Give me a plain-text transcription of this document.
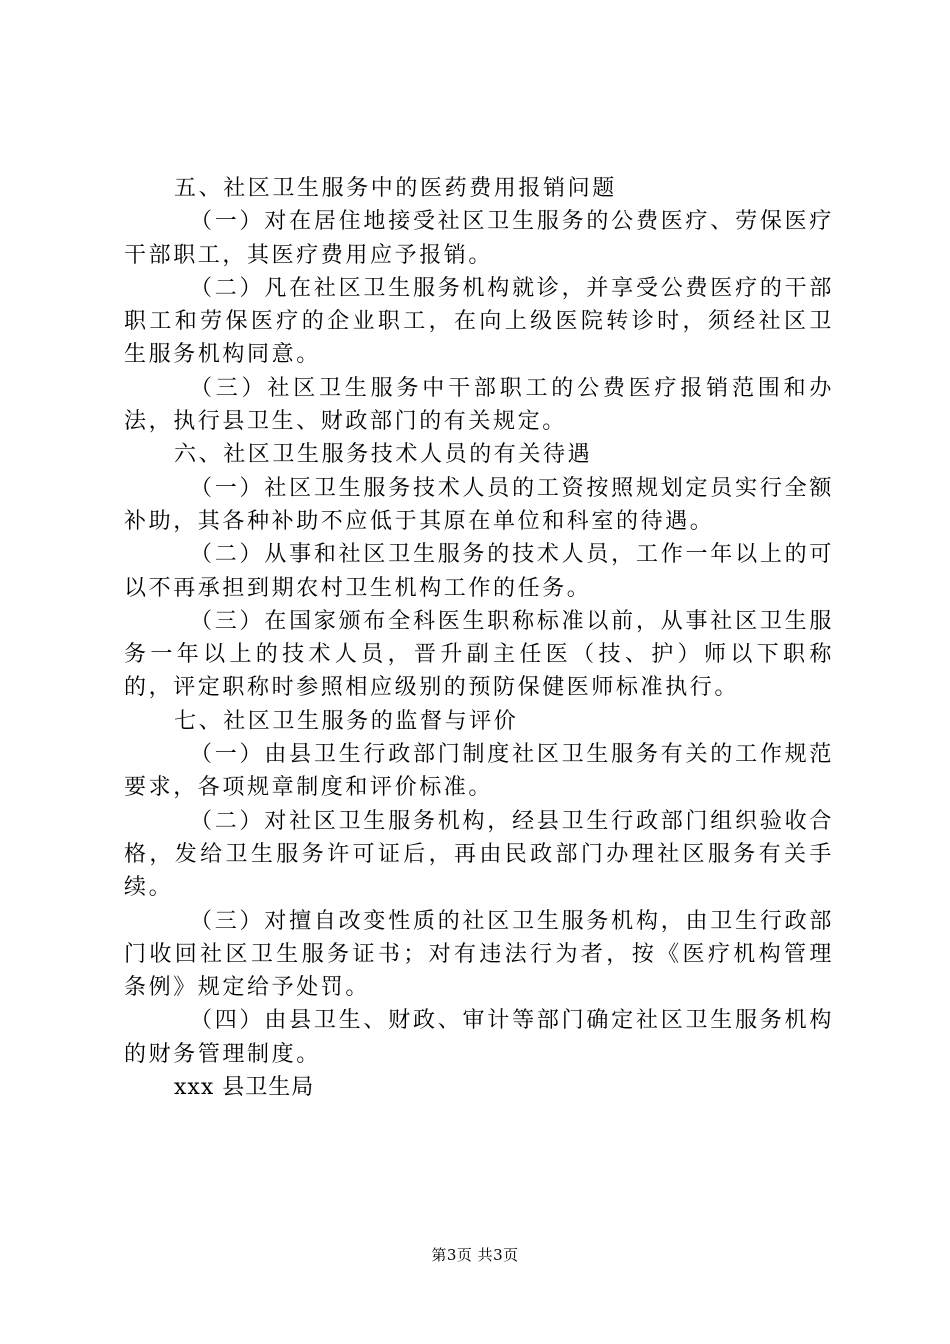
五、社区卫生服务中的医药费用报销问题

（一）对在居住地接受社区卫生服务的公费医疗、劳保医疗干部职工，其医疗费用应予报销。

（二）凡在社区卫生服务机构就诊，并享受公费医疗的干部职工和劳保医疗的企业职工，在向上级医院转诊时，须经社区卫生服务机构同意。

（三）社区卫生服务中干部职工的公费医疗报销范围和办法，执行县卫生、财政部门的有关规定。

六、社区卫生服务技术人员的有关待遇

（一）社区卫生服务技术人员的工资按照规划定员实行全额补助，其各种补助不应低于其原在单位和科室的待遇。

（二）从事和社区卫生服务的技术人员，工作一年以上的可以不再承担到期农村卫生机构工作的任务。

（三）在国家颁布全科医生职称标准以前，从事社区卫生服务一年以上的技术人员，晋升副主任医（技、护）师以下职称的，评定职称时参照相应级别的预防保健医师标准执行。

七、社区卫生服务的监督与评价

（一）由县卫生行政部门制度社区卫生服务有关的工作规范要求，各项规章制度和评价标准。

（二）对社区卫生服务机构，经县卫生行政部门组织验收合格，发给卫生服务许可证后，再由民政部门办理社区服务有关手续。

（三）对擅自改变性质的社区卫生服务机构，由卫生行政部门收回社区卫生服务证书；对有违法行为者，按《医疗机构管理条例》规定给予处罚。

（四）由县卫生、财政、审计等部门确定社区卫生服务机构的财务管理制度。

xxx 县卫生局

第3页 共3页
